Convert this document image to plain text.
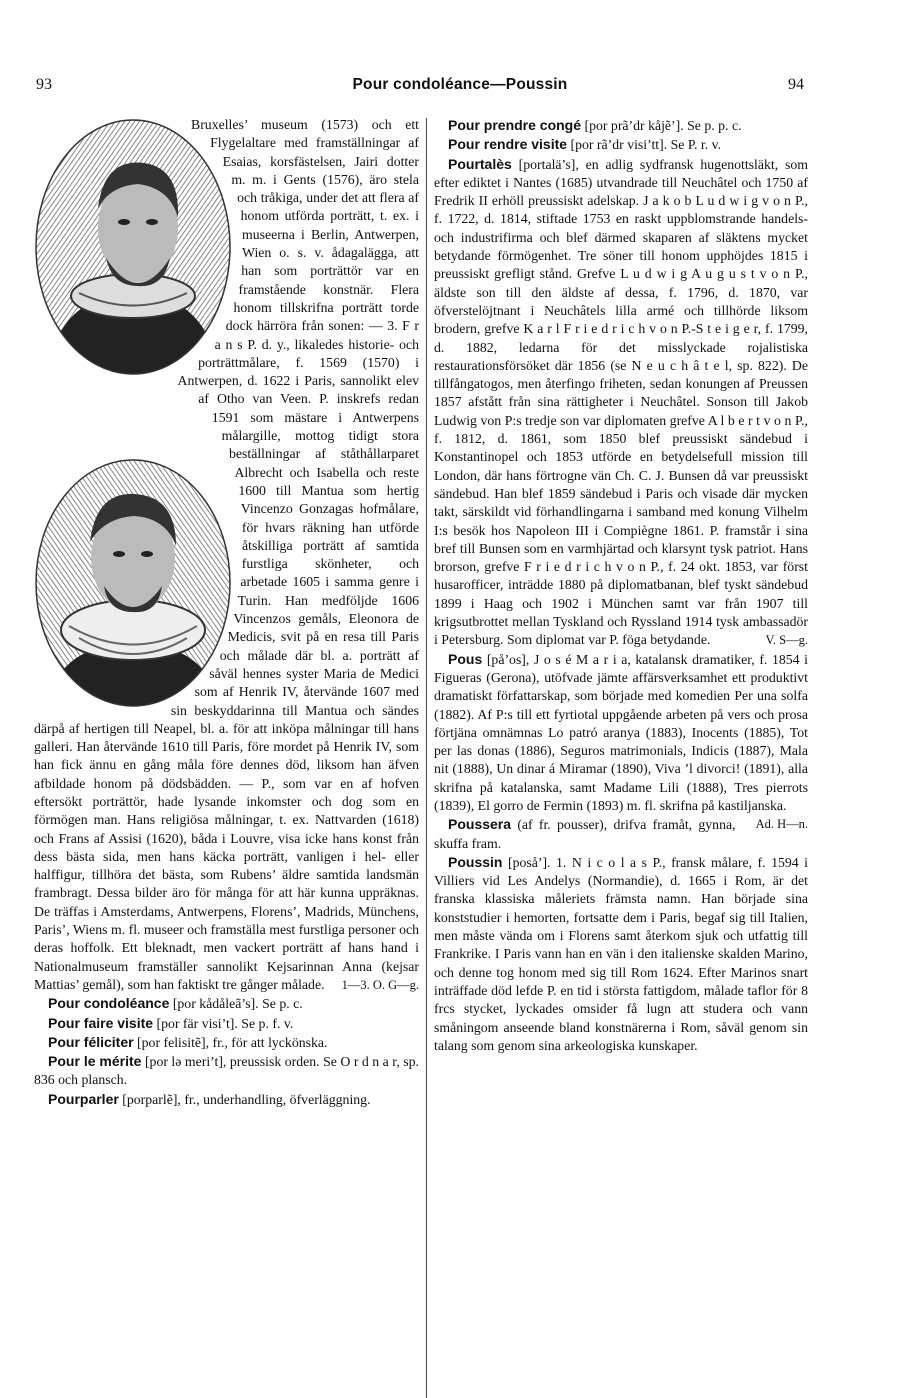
93	Pour condoléance—Poussin	94

Bruxelles’ museum (1573) och ett Flygelaltare med framställningar af Esaias, korsfästelsen, Jairi dotter m. m. i Gents (1576), äro stela och tråkiga, under det att flera af honom utförda porträtt, t. ex. i museerna i Berlin, Antwerpen, Wien o. s. v. ådagalägga, att han som porträttör var en framstående konstnär. Flera honom tillskrifna porträtt torde dock härröra från sonen: — 3. F r a n s P. d. y., likaledes historie- och porträttmålare, f. 1569 (1570) i Antwerpen, d. 1622 i Paris, sannolikt elev af Otho van Veen. P. inskrefs redan 1591 som mästare i Antwerpens målargille, mottog tidigt stora beställningar af ståthållarparet Albrecht och Isabella och reste 1600 till Mantua som hertig Vincenzo Gonzagas hofmålare, för hvars räkning han utförde åtskilliga porträtt af samtida furstliga skönheter, och arbetade 1605 i samma genre i Turin. Han medföljde 1606 Vincenzos gemåls, Eleonora de Medicis, svit på en resa till Paris och målade där bl. a. porträtt af såväl hennes syster Maria de Medici som af Henrik IV, återvände 1607 med sin beskyddarinna till Mantua och sändes därpå af hertigen till Neapel, bl. a. för att inköpa målningar till hans galleri. Han återvände 1610 till Paris, före mordet på Henrik IV, som han fick ännu en gång måla före dennes död, liksom han äfven afbildade honom på dödsbädden. — P., som var en af hofven eftersökt porträttör, hade lysande inkomster och dog som en förmögen man. Hans religiösa målningar, t. ex. Nattvarden (1618) och Frans af Assisi (1620), båda i Louvre, visa icke hans konst från dess bästa sida, men hans käcka porträtt, vanligen i hel- eller halffigur, tillhöra det bästa, som Rubens’ äldre samtida landsmän frambragt. Dessa bilder äro för många för att här kunna uppräknas. De träffas i Amsterdams, Antwerpens, Florens’, Madrids, Münchens, Paris’, Wiens m. fl. museer och framställa mest furstliga personer och deras hoffolk. Ett bleknadt, men vackert porträtt af hans hand i Nationalmuseum framställer sannolikt Kejsarinnan Anna (kejsar Mattias’ gemål), som han faktiskt tre gånger målade. 1—3. O. G—g.

Pour condoléance [por kådåleã’s]. Se p. c.

Pour faire visite [por fär visi’t]. Se p. f. v.

Pour féliciter [por felisitẽ], fr., för att lyckönska.

Pour le mérite [por lə meri’t], preussisk orden. Se O r d n a r, sp. 836 och plansch.

Pourparler [porparlẽ], fr., underhandling, öfverläggning.

Pour prendre congé [por prã’dr kåjẽ’]. Se p. p. c.

Pour rendre visite [por rã’dr visi’tt]. Se P. r. v.

Pourtalès [portalä’s], en adlig sydfransk hugenottsläkt, som efter ediktet i Nantes (1685) utvandrade till Neuchâtel och 1750 af Fredrik II erhöll preussiskt adelskap. J a k o b L u d w i g v o n P., f. 1722, d. 1814, stiftade 1753 en raskt uppblomstrande handels- och industrifirma och blef därmed skaparen af släktens mycket betydande förmögenhet. Tre söner till honom upphöjdes 1815 i preussiskt grefligt stånd. Grefve L u d w i g A u g u s t v o n P., äldste son till den äldste af dessa, f. 1796, d. 1870, var öfverstelöjtnant i Neuchâtels lilla armé och tillhörde liksom brodern, grefve K a r l F r i e d r i c h v o n P.-S t e i g e r, f. 1799, d. 1882, ledarna för det misslyckade rojalistiska restaurationsförsöket där 1856 (se N e u c h â t e l, sp. 822). De tillfångatogos, men återfingo friheten, sedan konungen af Preussen 1857 afstått från sina rättigheter i Neuchâtel. Sonson till Jakob Ludwig von P:s tredje son var diplomaten grefve A l b e r t v o n P., f. 1812, d. 1861, som 1850 blef preussiskt sändebud i Konstantinopel och 1853 utförde en betydelsefull mission till London, där hans förtrogne vän Ch. C. J. Bunsen då var preussiskt sändebud. Han blef 1859 sändebud i Paris och visade där mycken takt, särskildt vid förhandlingarna i samband med konung Vilhelm I:s besök hos Napoleon III i Compiègne 1861. P. framstår i sina bref till Bunsen som en varmhjärtad och klarsynt tysk patriot. Hans brorson, grefve F r i e d r i c h v o n P., f. 24 okt. 1853, var först husarofficer, inträdde 1880 på diplomatbanan, blef tyskt sändebud 1899 i Haag och 1902 i München samt var från 1907 till krigsutbrottet mellan Tyskland och Ryssland 1914 tysk ambassadör i Petersburg. Som diplomat var P. föga betydande.	V. S—g.

Pous [på’os], J o s é M a r i a, katalansk dramatiker, f. 1854 i Figueras (Gerona), utöfvade jämte affärsverksamhet ett produktivt dramatiskt författarskap, som började med komedien Per una solfa (1882). Af P:s till ett fyrtiotal uppgående arbeten på vers och prosa förtjäna omnämnas Lo patró aranya (1883), Inocents (1885), Tot per las donas (1886), Seguros matrimonials, Indicis (1887), Mala nit (1888), Un dinar á Miramar (1890), Viva ’l divorci! (1891), alla skrifna på katalanska, samt Madame Lili (1888), Tres pierrots (1839), El gorro de Fermin (1893) m. fl. skrifna på kastiljanska.
Ad. H—n.

Poussera (af fr. pousser), drifva framåt, gynna, skuffa fram.

Poussin [poså’]. 1. N i c o l a s P., fransk målare, f. 1594 i Villiers vid Les Andelys (Normandie), d. 1665 i Rom, är det franska klassiska måleriets främsta namn. Han började sina konststudier i hemorten, fortsatte dem i Paris, begaf sig till Italien, men måste vända om i Florens samt återkom sjuk och utfattig till Frankrike. I Paris vann han en vän i den italienske skalden Marino, och denne tog honom med sig till Rom 1624. Efter Marinos snart inträffade död lefde P. en tid i största fattigdom, målade taflor för 8 frcs stycket, lyckades omsider få lugn att studera och vann småningom anseende bland konstnärerna i Rom, såväl genom sin talang som genom sina arkeologiska kunskaper.
